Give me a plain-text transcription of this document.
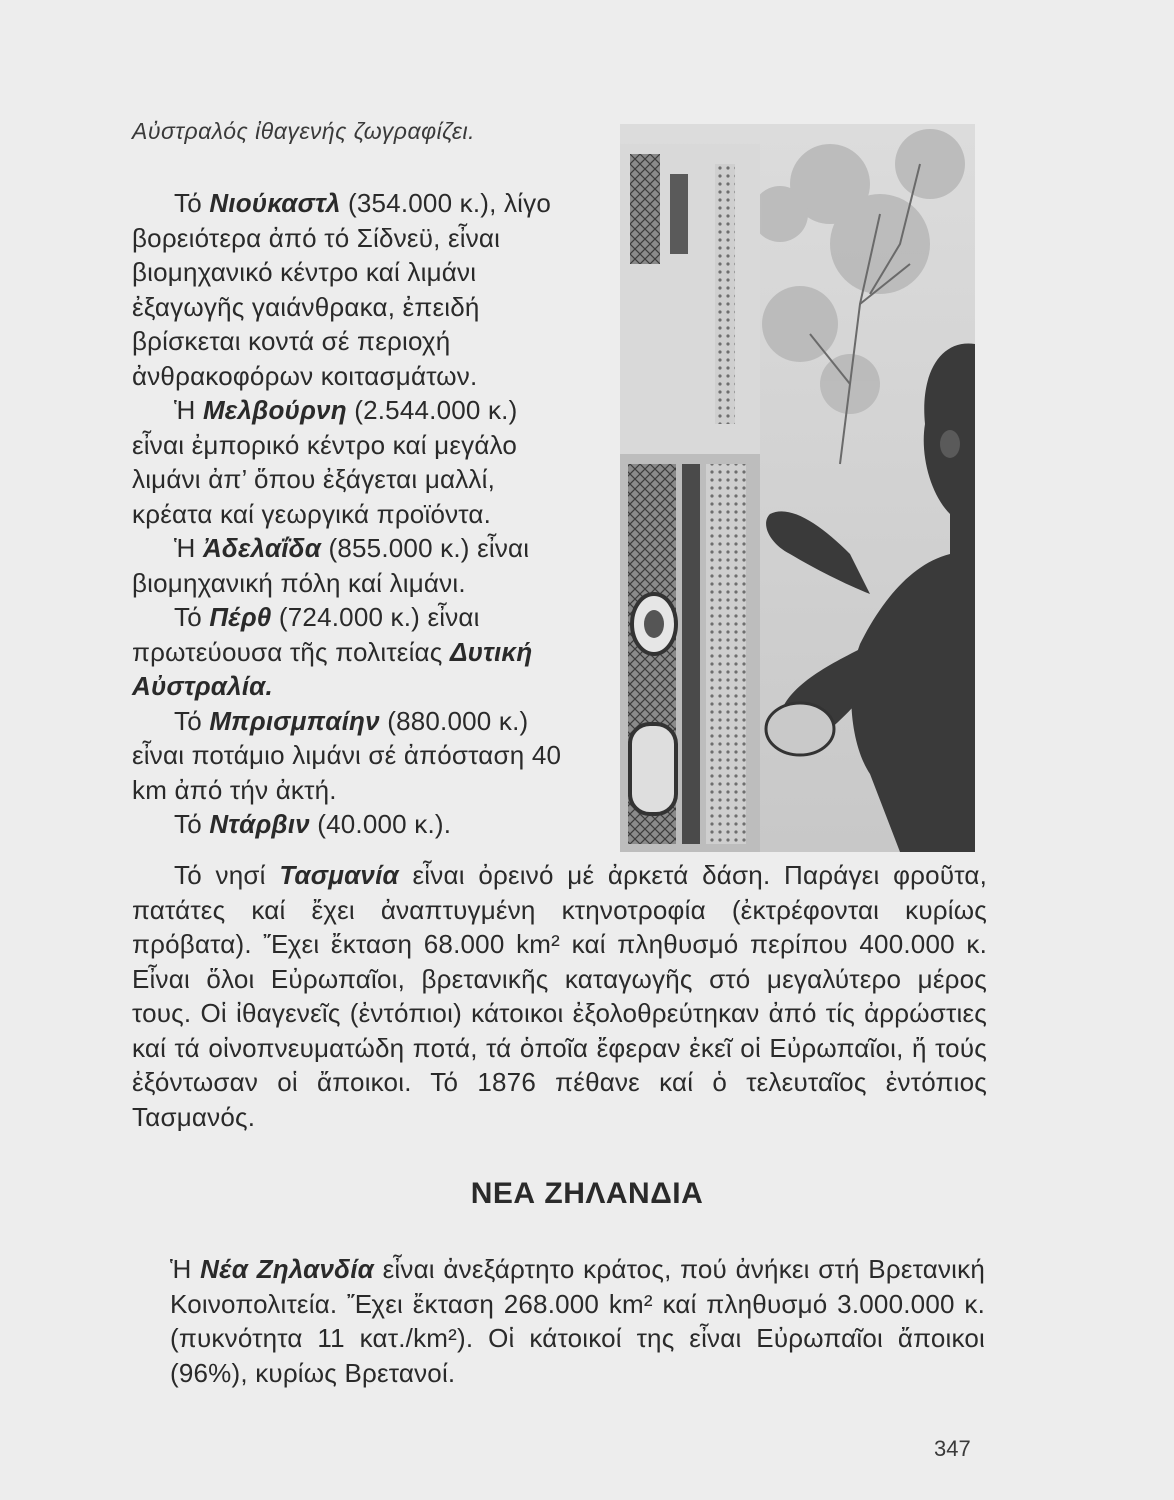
Αὐστραλός ἰθαγενής ζωγραφίζει.

Τό Νιούκαστλ (354.000 κ.), λίγο βορειότερα ἀπό τό Σίδνεϋ, εἶναι βιομηχανικό κέντρο καί λιμάνι ἐξαγωγῆς γαιάνθρακα, ἐπειδή βρίσκεται κοντά σέ περιοχή ἀνθρακοφόρων κοιτασμάτων.

Ἡ Μελβούρνη (2.544.000 κ.) εἶναι ἐμπορικό κέντρο καί μεγάλο λιμάνι ἀπ’ ὅπου ἐξάγεται μαλλί, κρέατα καί γεωργικά προϊόντα.

Ἡ Ἀδελαΐδα (855.000 κ.) εἶναι βιομηχανική πόλη καί λιμάνι.

Τό Πέρθ (724.000 κ.) εἶναι πρωτεύουσα τῆς πολιτείας Δυτική Αὐστραλία.

Τό Μπρισμπαίην (880.000 κ.) εἶναι ποτάμιο λιμάνι σέ ἀπόσταση 40 km ἀπό τήν ἀκτή.

Τό Ντάρβιν (40.000 κ.).

Τό νησί Τασμανία εἶναι ὀρεινό μέ ἀρκετά δάση. Παράγει φροῦτα, πατάτες καί ἔχει ἀναπτυγμένη κτηνοτροφία (ἐκτρέφονται κυρίως πρόβατα). Ἔχει ἔκταση 68.000 km² καί πληθυσμό περίπου 400.000 κ. Εἶναι ὅλοι Εὐρωπαῖοι, βρετανικῆς καταγωγῆς στό μεγαλύτερο μέρος τους. Οἱ ἰθαγενεῖς (ἐντόπιοι) κάτοικοι ἐξολοθρεύτηκαν ἀπό τίς ἀρρώστιες καί τά οἰνοπνευματώδη ποτά, τά ὁποῖα ἔφεραν ἐκεῖ οἱ Εὐρωπαῖοι, ἤ τούς ἐξόντωσαν οἱ ἄποικοι. Τό 1876 πέθανε καί ὁ τελευταῖος ἐντόπιος Τασμανός.

ΝΕΑ ΖΗΛΑΝΔΙΑ

Ἡ Νέα Ζηλανδία εἶναι ἀνεξάρτητο κράτος, πού ἀνήκει στή Βρετανική Κοινοπολιτεία. Ἔχει ἔκταση 268.000 km² καί πληθυσμό 3.000.000 κ. (πυκνότητα 11 κατ./km²). Οἱ κάτοικοί της εἶναι Εὐρωπαῖοι ἄποικοι (96%), κυρίως Βρετανοί.

347
